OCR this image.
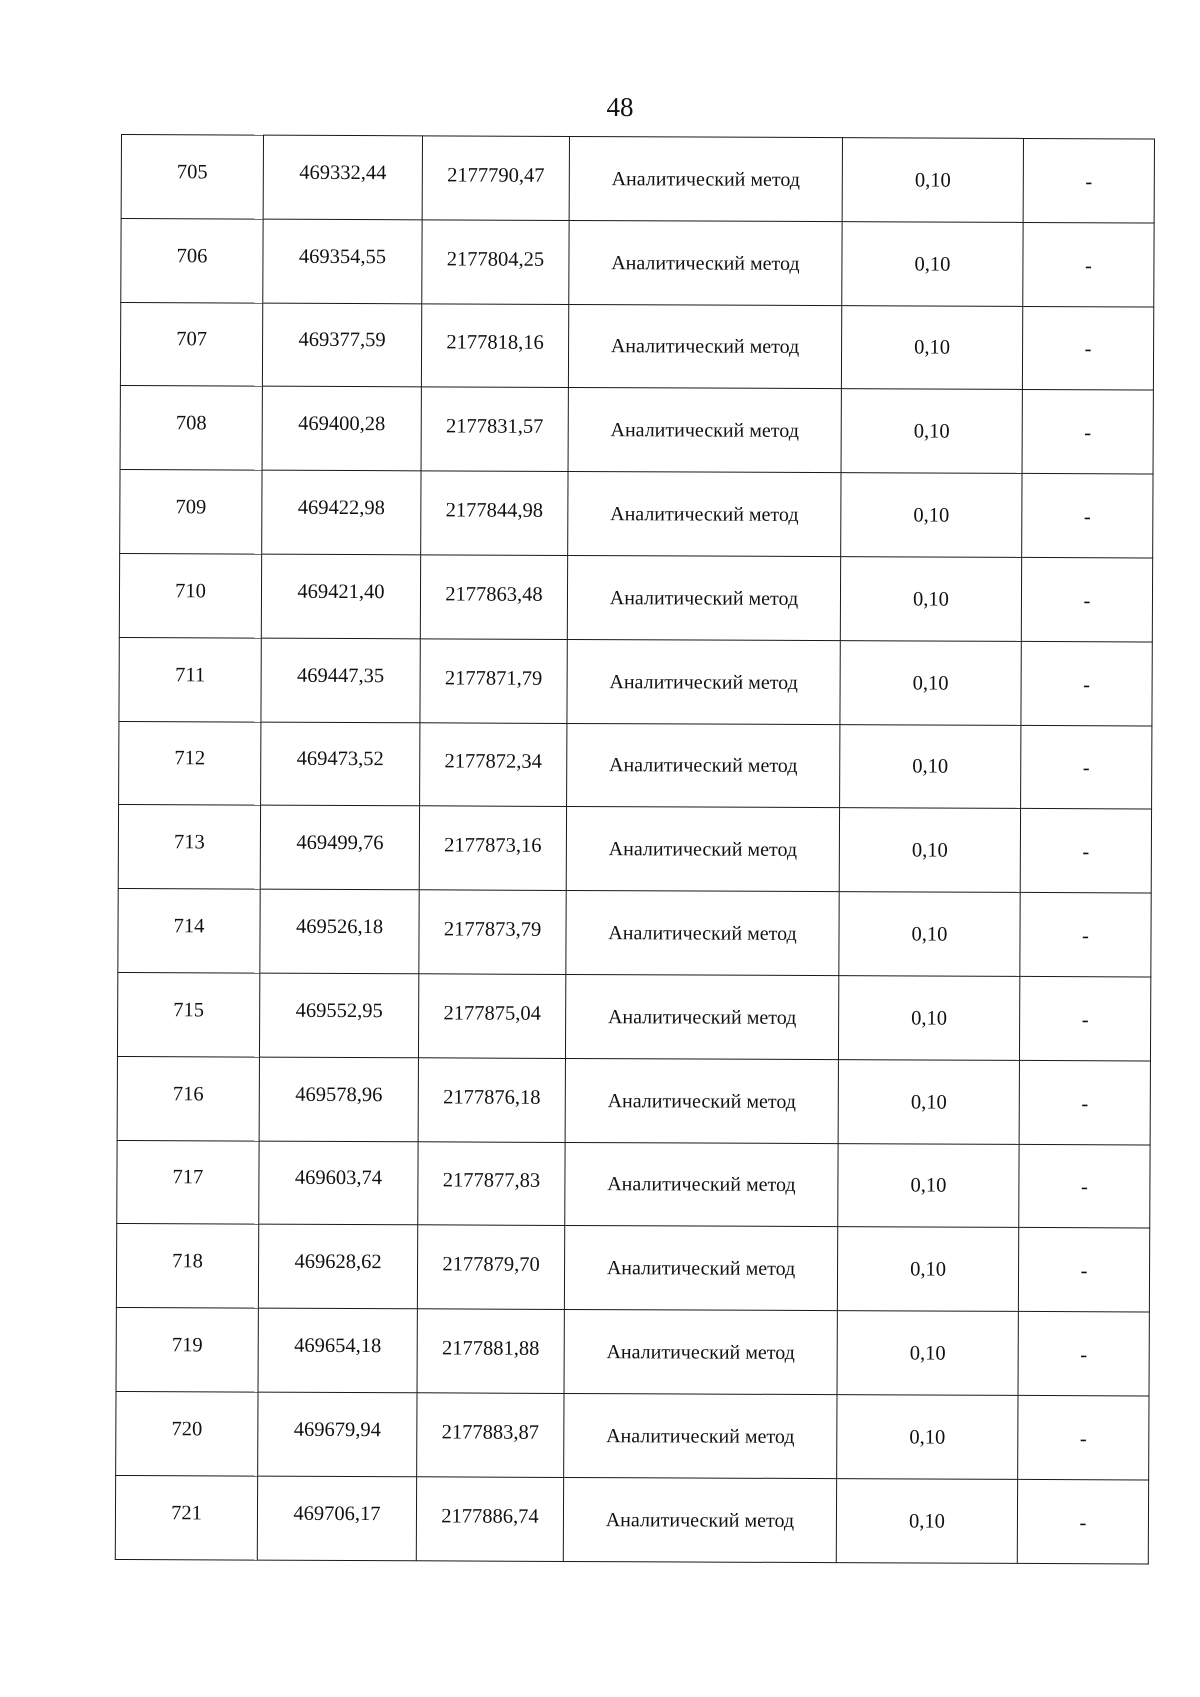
48
705	469332,44	2177790,47	Аналитический метод	0,10	-
706	469354,55	2177804,25	Аналитический метод	0,10	-
707	469377,59	2177818,16	Аналитический метод	0,10	-
708	469400,28	2177831,57	Аналитический метод	0,10	-
709	469422,98	2177844,98	Аналитический метод	0,10	-
710	469421,40	2177863,48	Аналитический метод	0,10	-
711	469447,35	2177871,79	Аналитический метод	0,10	-
712	469473,52	2177872,34	Аналитический метод	0,10	-
713	469499,76	2177873,16	Аналитический метод	0,10	-
714	469526,18	2177873,79	Аналитический метод	0,10	-
715	469552,95	2177875,04	Аналитический метод	0,10	-
716	469578,96	2177876,18	Аналитический метод	0,10	-
717	469603,74	2177877,83	Аналитический метод	0,10	-
718	469628,62	2177879,70	Аналитический метод	0,10	-
719	469654,18	2177881,88	Аналитический метод	0,10	-
720	469679,94	2177883,87	Аналитический метод	0,10	-
721	469706,17	2177886,74	Аналитический метод	0,10	-
